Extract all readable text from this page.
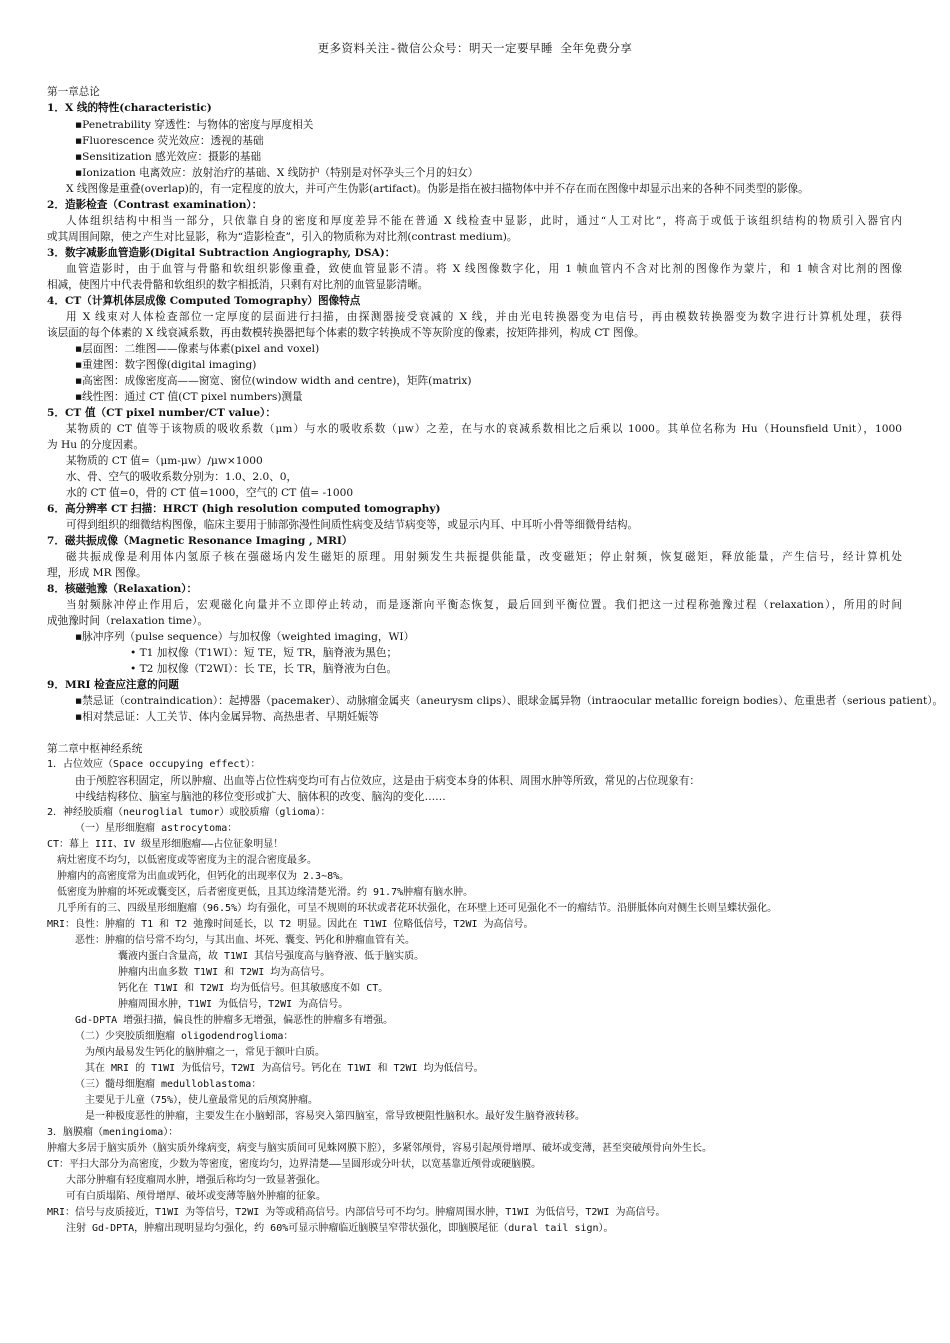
更多资料关注-微信公众号：明天一定要早睡 全年免费分享
第一章总论
1．X 线的特性(characteristic)
▪Penetrability 穿透性：与物体的密度与厚度相关
▪Fluorescence 荧光效应：透视的基础
▪Sensitization 感光效应：摄影的基础
▪Ionization 电离效应：放射治疗的基础、X 线防护（特别是对怀孕头三个月的妇女）
X 线图像是重叠(overlap)的，有一定程度的放大，并可产生伪影(artifact)。伪影是指在被扫描物体中并不存在而在图像中却显示出来的各种不同类型的影像。
2．造影检查（Contrast examination）：
人体组织结构中相当一部分，只依靠自身的密度和厚度差异不能在普通 X 线检查中显影，此时，通过“人工对比”，将高于或低于该组织结构的物质引入器官内
或其周围间隙，使之产生对比显影，称为“造影检查”，引入的物质称为对比剂(contrast medium)。
3．数字减影血管造影(Digital Subtraction Angiography, DSA)：
血管造影时，由于血管与骨骼和软组织影像重叠，致使血管显影不清。将 X 线图像数字化，用 1 帧血管内不含对比剂的图像作为蒙片，和 1 帧含对比剂的图像
相减，使图片中代表骨骼和软组织的数字相抵消，只剩有对比剂的血管显影清晰。
4．CT（计算机体层成像 Computed Tomography）图像特点
用 X 线束对人体检查部位一定厚度的层面进行扫描，由探测器接受衰减的 X 线，并由光电转换器变为电信号，再由模数转换器变为数字进行计算机处理，获得
该层面的每个体素的 X 线衰减系数，再由数模转换器把每个体素的数字转换成不等灰阶度的像素，按矩阵排列，构成 CT 图像。
▪层面图：二维图——像素与体素(pixel and voxel)
▪重建图：数字图像(digital imaging)
▪高密图：成像密度高——窗宽、窗位(window width and centre)，矩阵(matrix)
▪线性图：通过 CT 值(CT pixel numbers)测量
5．CT 值（CT pixel number/CT value）：
某物质的 CT 值等于该物质的吸收系数（μm）与水的吸收系数（μw）之差，在与水的衰减系数相比之后乘以 1000。其单位名称为 Hu（Hounsfield Unit），1000
为 Hu 的分度因素。
某物质的 CT 值=（μm-μw）/μw×1000
水、骨、空气的吸收系数分别为：1.0、2.0、0，
水的 CT 值=0，骨的 CT 值=1000，空气的 CT 值= -1000
6．高分辨率 CT 扫描：HRCT (high resolution computed tomography)
可得到组织的细微结构图像，临床主要用于肺部弥漫性间质性病变及结节病变等，或显示内耳、中耳听小骨等细微骨结构。
7．磁共振成像（Magnetic Resonance Imaging , MRI）
磁共振成像是利用体内氢原子核在强磁场内发生磁矩的原理。用射频发生共振提供能量，改变磁矩；停止射频，恢复磁矩，释放能量，产生信号，经计算机处
理，形成 MR 图像。
8．核磁弛豫（Relaxation）：
当射频脉冲停止作用后，宏观磁化向量并不立即停止转动，而是逐渐向平衡态恢复，最后回到平衡位置。我们把这一过程称弛豫过程（relaxation），所用的时间
成弛豫时间（relaxation time）。
▪脉冲序列（pulse sequence）与加权像（weighted imaging，WI）
• T1 加权像（T1WI）：短 TE，短 TR，脑脊液为黑色；
• T2 加权像（T2WI）：长 TE，长 TR，脑脊液为白色。
9．MRI 检查应注意的问题
▪禁忌证（contraindication）：起搏器（pacemaker）、动脉瘤金属夹（aneurysm clips）、眼球金属异物（intraocular metallic foreign bodies）、危重患者（serious patient）。
▪相对禁忌证：人工关节、体内金属异物、高热患者、早期妊娠等
第二章中枢神经系统
1．占位效应（Space occupying effect）：
由于颅腔容积固定，所以肿瘤、出血等占位性病变均可有占位效应，这是由于病变本身的体积、周围水肿等所致，常见的占位现象有：
中线结构移位、脑室与脑池的移位变形或扩大、脑体积的改变、脑沟的变化……
2．神经胶质瘤（neuroglial tumor）或胶质瘤（glioma）：
（一）星形细胞瘤 astrocytoma：
CT：幕上 III、IV 级星形细胞瘤——占位征象明显！
病灶密度不均匀，以低密度或等密度为主的混合密度最多。
肿瘤内的高密度常为出血或钙化，但钙化的出现率仅为 2.3~8%。
低密度为肿瘤的坏死或囊变区，后者密度更低，且其边缘清楚光滑。约 91.7%肿瘤有脑水肿。
几乎所有的三、四级星形细胞瘤（96.5%）均有强化，可呈不规则的环状或者花环状强化，在环壁上还可见强化不一的瘤结节。沿胼胝体向对侧生长则呈蝶状强化。
MRI：良性：肿瘤的 T1 和 T2 弛豫时间延长，以 T2 明显。因此在 T1WI 位略低信号，T2WI 为高信号。
恶性：肿瘤的信号常不均匀，与其出血、坏死、囊变、钙化和肿瘤血管有关。
囊液内蛋白含量高，故 T1WI 其信号强度高与脑脊液、低于脑实质。
肿瘤内出血多数 T1WI 和 T2WI 均为高信号。
钙化在 T1WI 和 T2WI 均为低信号。但其敏感度不如 CT。
肿瘤周围水肿，T1WI 为低信号，T2WI 为高信号。
Gd-DPTA 增强扫描，偏良性的肿瘤多无增强，偏恶性的肿瘤多有增强。
（二）少突胶质细胞瘤 oligodendroglioma：
为颅内最易发生钙化的脑肿瘤之一，常见于额叶白质。
其在 MRI 的 T1WI 为低信号，T2WI 为高信号。钙化在 T1WI 和 T2WI 均为低信号。
（三）髓母细胞瘤 medulloblastoma：
主要见于儿童（75%），使儿童最常见的后颅窝肿瘤。
是一种极度恶性的肿瘤，主要发生在小脑蚓部，容易突入第四脑室，常导致梗阻性脑积水。最好发生脑脊液转移。
3．脑膜瘤（meningioma）：
肿瘤大多居于脑实质外（脑实质外缘病变，病变与脑实质间可见蛛网膜下腔），多紧邻颅骨，容易引起颅骨增厚、破坏或变薄，甚至突破颅骨向外生长。
CT：平扫大部分为高密度，少数为等密度，密度均匀，边界清楚——呈圆形或分叶状，以宽基靠近颅骨或硬脑膜。
大部分肿瘤有轻度瘤周水肿，增强后称均匀一致显著强化。
可有白质塌陷、颅骨增厚、破坏或变薄等脑外肿瘤的征象。
MRI：信号与皮质接近，T1WI 为等信号，T2WI 为等或稍高信号。内部信号可不均匀。肿瘤周围水肿，T1WI 为低信号，T2WI 为高信号。
注射 Gd-DPTA，肿瘤出现明显均匀强化，约 60%可显示肿瘤临近脑膜呈窄带状强化，即脑膜尾征（dural tail sign）。
